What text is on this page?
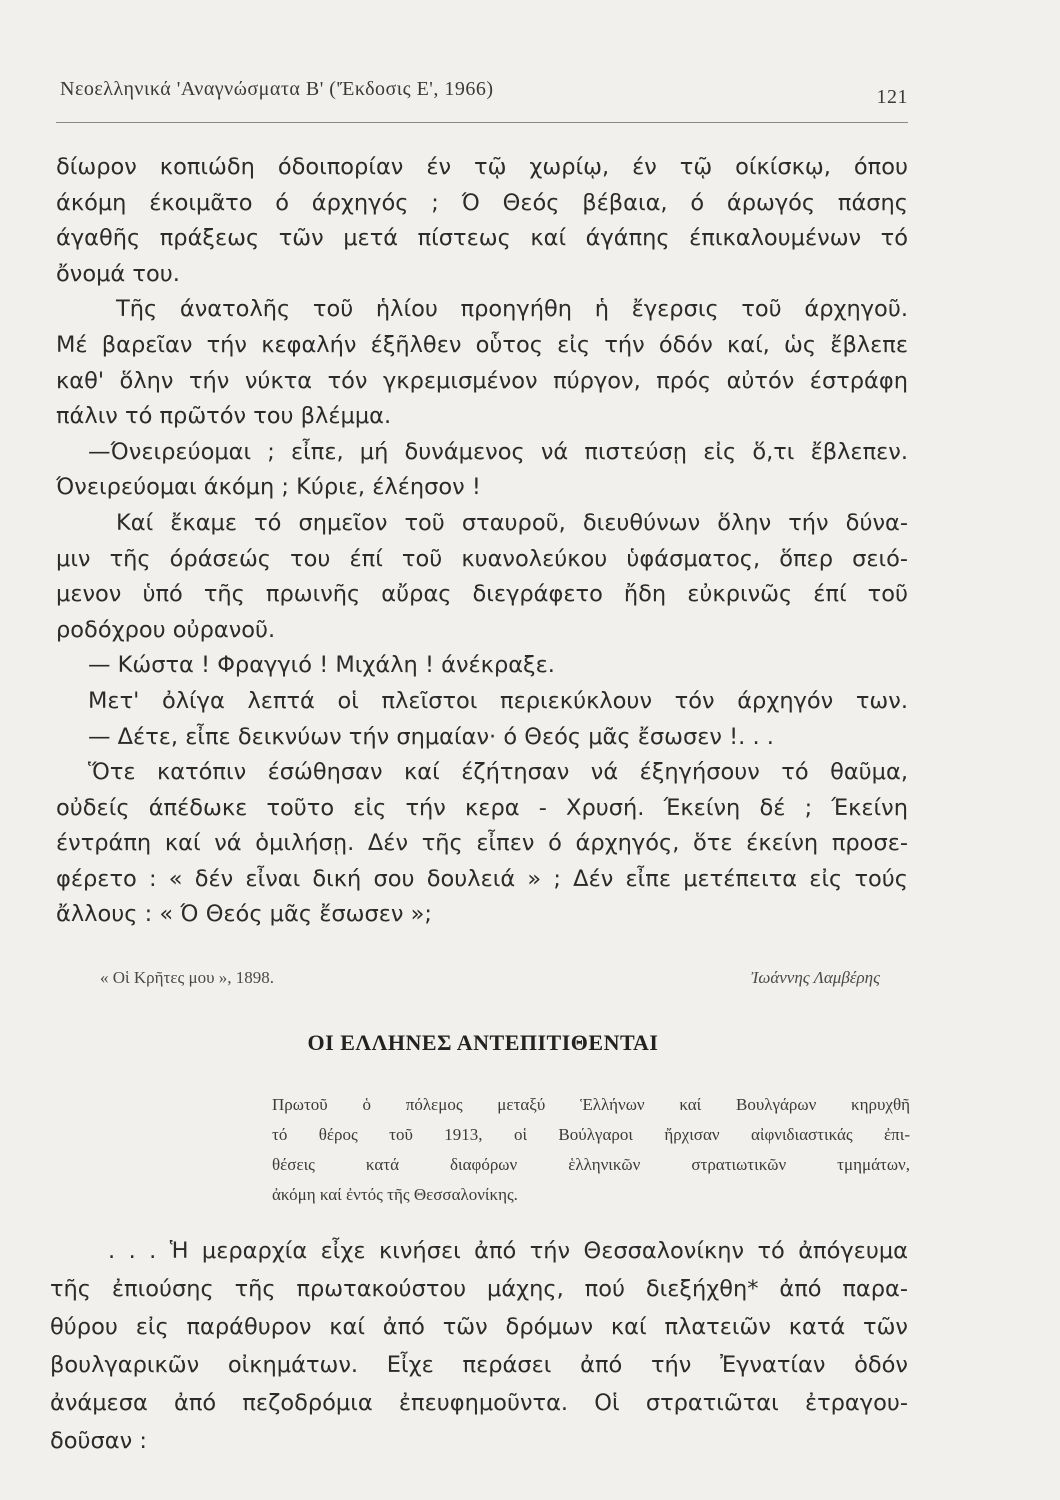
Νεοελληνικά 'Αναγνώσματα Β' ('Έκδοσις Ε', 1966)	121
δίωρον κοπιώδη όδοιπορίαν έν τῷ χωρίῳ, έν τῷ οίκίσκῳ, όπου
άκόμη έκοιμᾶτο ό άρχηγός ; Ό Θεός βέβαια, ό άρωγός πάσης
άγαθῆς πράξεως τῶν μετά πίστεως καί άγάπης έπικαλουμένων τό
ὄνομά του.
Τῆς άνατολῆς τοῦ ἡλίου προηγήθη ἡ ἔγερσις τοῦ άρχηγοῦ.
Μέ βαρεῖαν τήν κεφαλήν έξῆλθεν οὗτος εἰς τήν όδόν καί, ὡς ἔβλεπε
καθ' ὅλην τήν νύκτα τόν γκρεμισμένον πύργον, πρός αὐτόν έστράφη
πάλιν τό πρῶτόν του βλέμμα.
—Όνειρεύομαι ; εἶπε, μή δυνάμενος νά πιστεύσῃ εἰς ὅ,τι ἔβλεπεν.
Όνειρεύομαι άκόμη ; Κύριε, έλέησον !
Καί ἔκαμε τό σημεῖον τοῦ σταυροῦ, διευθύνων ὅλην τήν δύνα-
μιν τῆς όράσεώς του έπί τοῦ κυανολεύκου ὑφάσματος, ὅπερ σειό-
μενον ὑπό τῆς πρωινῆς αὔρας διεγράφετο ἤδη εὐκρινῶς έπί τοῦ
ροδόχρου οὐρανοῦ.
— Κώστα ! Φραγγιό ! Μιχάλη ! άνέκραξε.
Μετ' ὀλίγα λεπτά οἱ πλεῖστοι περιεκύκλουν τόν άρχηγόν των.
— Δέτε, εἶπε δεικνύων τήν σημαίαν· ό Θεός μᾶς ἔσωσεν !. . .
Ὅτε κατόπιν έσώθησαν καί έζήτησαν νά έξηγήσουν τό θαῦμα,
οὐδείς άπέδωκε τοῦτο εἰς τήν κερα - Χρυσή. Έκείνη δέ ; Έκείνη
έντράπη καί νά ὁμιλήσῃ. Δέν τῆς εἶπεν ό άρχηγός, ὅτε έκείνη προσε-
φέρετο : « δέν εἶναι δική σου δουλειά » ; Δέν εἶπε μετέπειτα εἰς τούς
ἄλλους : « Ό Θεός μᾶς ἔσωσεν »;
« Οἱ Κρῆτες μου », 1898.	Ἰωάννης Λαμβέρης
ΟΙ ΕΛΛΗΝΕΣ ΑΝΤΕΠΙΤΙΘΕΝΤΑΙ
Πρωτοῦ ὁ πόλεμος μεταξύ Ἑλλήνων καί Βουλγάρων κηρυχθῆ
τό θέρος τοῦ 1913, οἱ Βούλγαροι ἤρχισαν αἰφνιδιαστικάς ἐπι-
θέσεις κατά διαφόρων ἑλληνικῶν στρατιωτικῶν τμημάτων,
ἀκόμη καί ἐντός τῆς Θεσσαλονίκης.
. . . Ἡ μεραρχία εἶχε κινήσει ἀπό τήν Θεσσαλονίκην τό ἀπόγευμα
τῆς ἐπιούσης τῆς πρωτακούστου μάχης, πού διεξήχθη* ἀπό παρα-
θύρου εἰς παράθυρον καί ἀπό τῶν δρόμων καί πλατειῶν κατά τῶν
βουλγαρικῶν οἰκημάτων. Εἶχε περάσει ἀπό τήν Ἐγνατίαν ὁδόν
ἀνάμεσα ἀπό πεζοδρόμια ἐπευφημοῦντα. Οἱ στρατιῶται ἐτραγου-
δοῦσαν :
